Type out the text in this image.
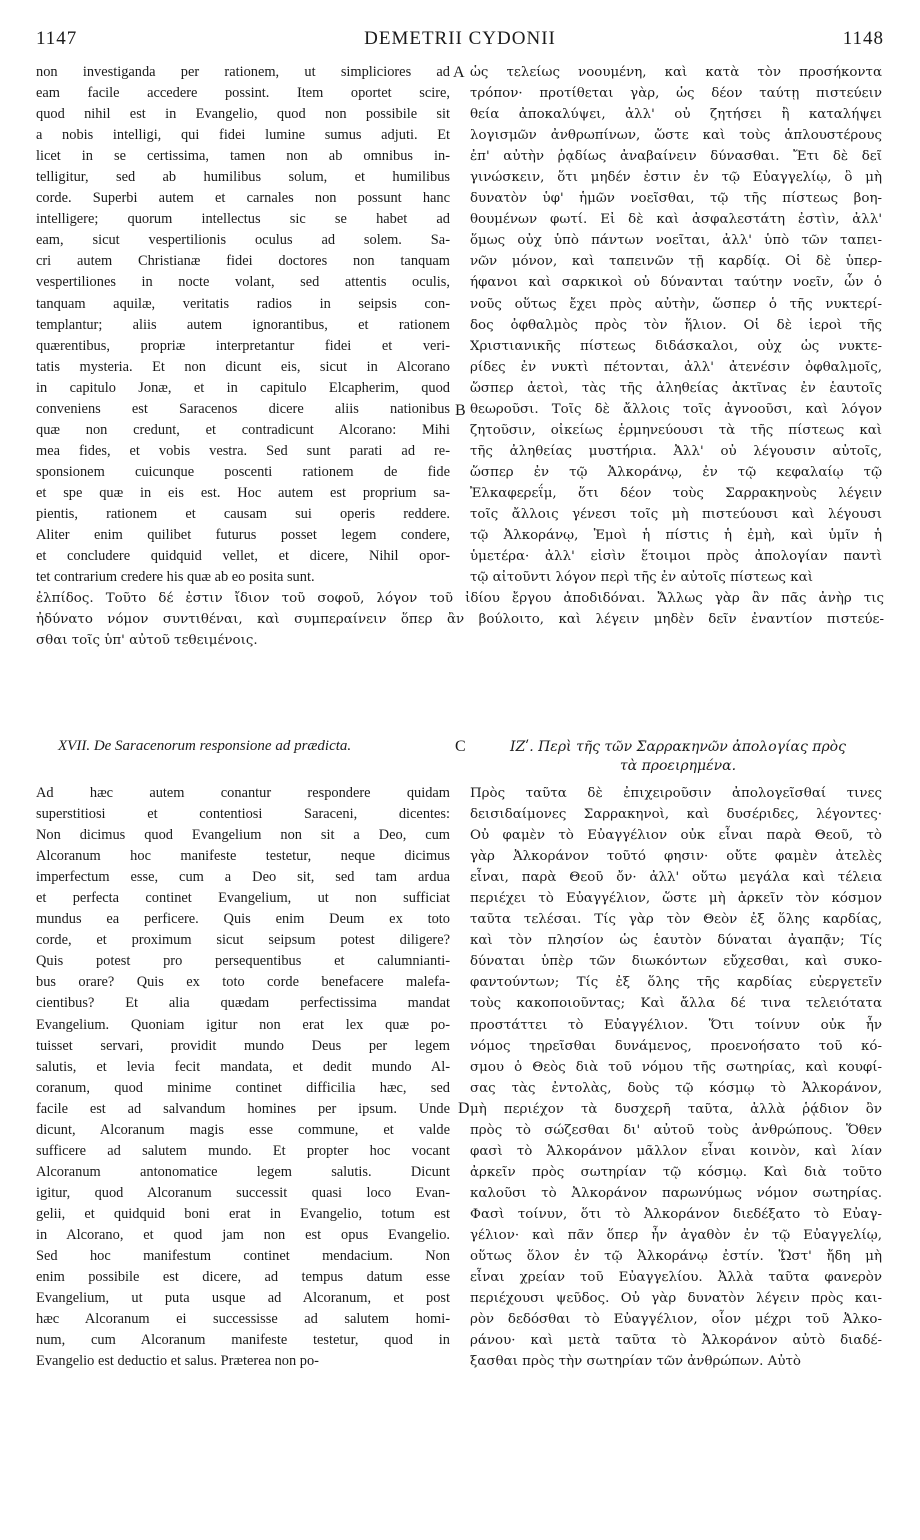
1147	DEMETRII CYDONII	1148
non investiganda per rationem, ut simpliciores ad
eam facile accedere possint. Item oportet scire,
quod nihil est in Evangelio, quod non possibile sit
a nobis intelligi, qui fidei lumine sumus adjuti. Et
licet in se certissima, tamen non ab omnibus in-
telligitur, sed ab humilibus solum, et humilibus
corde. Superbi autem et carnales non possunt hanc
intelligere; quorum intellectus sic se habet ad
eam, sicut vespertilionis oculus ad solem. Sa-
cri autem Christianæ fidei doctores non tanquam
vespertiliones in nocte volant, sed attentis oculis,
tanquam aquilæ, veritatis radios in seipsis con-
templantur; aliis autem ignorantibus, et rationem
quærentibus, propriæ interpretantur fidei et veri-
tatis mysteria. Et non dicunt eis, sicut in Alcorano
in capitulo Jonæ, et in capitulo Elcapherim, quod
conveniens est Saracenos dicere aliis nationibus
quæ non credunt, et contradicunt Alcorano: Mihi
mea fides, et vobis vestra. Sed sunt parati ad re-
sponsionem cuicunque poscenti rationem de fide
et spe quæ in eis est. Hoc autem est proprium sa-
pientis, rationem et causam sui operis reddere.
Aliter enim quilibet futurus posset legem condere,
et concludere quidquid vellet, et dicere, Nihil opor-
tet contrarium credere his quæ ab eo posita sunt.
ὡς τελείως νοουμένη, καὶ κατὰ τὸν προσήκοντα
τρόπον· προτίθεται γὰρ, ὡς δέον ταύτῃ πιστεύειν
θεία ἀποκαλύψει, ἀλλ' οὐ ζητήσει ἢ καταλήψει
λογισμῶν ἀνθρωπίνων, ὥστε καὶ τοὺς ἁπλουστέρους
ἐπ' αὐτὴν ῥᾳδίως ἀναβαίνειν δύνασθαι. Ἔτι δὲ δεῖ
γινώσκειν, ὅτι μηδέν ἐστιν ἐν τῷ Εὐαγγελίῳ, ὃ μὴ
δυνατὸν ὑφ' ἡμῶν νοεῖσθαι, τῷ τῆς πίστεως βοη-
θουμένων φωτί. Εἰ δὲ καὶ ἀσφαλεστάτη ἐστὶν, ἀλλ'
ὅμως οὐχ ὑπὸ πάντων νοεῖται, ἀλλ' ὑπὸ τῶν ταπει-
νῶν μόνον, καὶ ταπεινῶν τῇ καρδίᾳ. Οἱ δὲ ὑπερ-
ήφανοι καὶ σαρκικοὶ οὐ δύνανται ταύτην νοεῖν, ὧν ὁ
νοῦς οὕτως ἔχει πρὸς αὐτὴν, ὥσπερ ὁ τῆς νυκτερί-
δος ὀφθαλμὸς πρὸς τὸν ἥλιον. Οἱ δὲ ἱεροὶ τῆς
Χριστιανικῆς πίστεως διδάσκαλοι, οὐχ ὡς νυκτε-
ρίδες ἐν νυκτὶ πέτονται, ἀλλ' ἀτενέσιν ὀφθαλμοῖς,
ὥσπερ ἀετοὶ, τὰς τῆς ἀληθείας ἀκτῖνας ἐν ἑαυτοῖς
θεωροῦσι. Τοῖς δὲ ἄλλοις τοῖς ἀγνοοῦσι, καὶ λόγον
ζητοῦσιν, οἰκείως ἑρμηνεύουσι τὰ τῆς πίστεως καὶ
τῆς ἀληθείας μυστήρια. Ἀλλ' οὐ λέγουσιν αὐτοῖς,
ὥσπερ ἐν τῷ Ἀλκοράνῳ, ἐν τῷ κεφαλαίῳ τῷ
Ἐλκαφερεΐμ, ὅτι δέον τοὺς Σαρρακηνοὺς λέγειν
τοῖς ἄλλοις γένεσι τοῖς μὴ πιστεύουσι καὶ λέγουσι
τῷ Ἀλκοράνῳ, Ἐμοὶ ἡ πίστις ἡ ἐμὴ, καὶ ὑμῖν ἡ
ὑμετέρα· ἀλλ' εἰσὶν ἕτοιμοι πρὸς ἀπολογίαν παντὶ
τῷ αἰτοῦντι λόγον περὶ τῆς ἐν αὐτοῖς πίστεως καὶ
A
B
C
D
ἐλπίδος. Τοῦτο δέ ἐστιν ἴδιον τοῦ σοφοῦ, λόγον τοῦ ἰδίου ἔργου ἀποδιδόναι. Ἄλλως γὰρ ἂν πᾶς ἀνὴρ τις
ἠδύνατο νόμον συντιθέναι, καὶ συμπεραίνειν ὅπερ ἂν βούλοιτο, καὶ λέγειν μηδὲν δεῖν ἐναντίον πιστεύε-
σθαι τοῖς ὑπ' αὐτοῦ τεθειμένοις.
XVII. De Saracenorum responsione ad prædicta.	ΙΖʹ. Περὶ τῆς τῶν Σαρρακηνῶν ἀπολογίας πρὸς
τὰ προειρημένα.
Ad hæc autem conantur respondere quidam
superstitiosi et contentiosi Saraceni, dicentes:
Non dicimus quod Evangelium non sit a Deo, cum
Alcoranum hoc manifeste testetur, neque dicimus
imperfectum esse, cum a Deo sit, sed tam ardua
et perfecta continet Evangelium, ut non sufficiat
mundus ea perficere. Quis enim Deum ex toto
corde, et proximum sicut seipsum potest diligere?
Quis potest pro persequentibus et calumnianti-
bus orare? Quis ex toto corde benefacere malefa-
cientibus? Et alia quædam perfectissima mandat
Evangelium. Quoniam igitur non erat lex quæ po-
tuisset servari, providit mundo Deus per legem
salutis, et levia fecit mandata, et dedit mundo Al-
coranum, quod minime continet difficilia hæc, sed
facile est ad salvandum homines per ipsum. Unde
dicunt, Alcoranum magis esse commune, et valde
sufficere ad salutem mundo. Et propter hoc vocant
Alcoranum antonomatice legem salutis. Dicunt
igitur, quod Alcoranum successit quasi loco Evan-
gelii, et quidquid boni erat in Evangelio, totum est
in Alcorano, et quod jam non est opus Evangelio.
Sed hoc manifestum continet mendacium. Non
enim possibile est dicere, ad tempus datum esse
Evangelium, ut puta usque ad Alcoranum, et post
hæc Alcoranum ei successisse ad salutem homi-
num, cum Alcoranum manifeste testetur, quod in
Evangelio est deductio et salus. Præterea non po-
Πρὸς ταῦτα δὲ ἐπιχειροῦσιν ἀπολογεῖσθαί τινες
δεισιδαίμονες Σαρρακηνοὶ, καὶ δυσέριδες, λέγοντες·
Οὐ φαμὲν τὸ Εὐαγγέλιον οὐκ εἶναι παρὰ Θεοῦ, τὸ
γὰρ Ἀλκοράνον τοῦτό φησιν· οὔτε φαμὲν ἀτελὲς
εἶναι, παρὰ Θεοῦ ὄν· ἀλλ' οὕτω μεγάλα καὶ τέλεια
περιέχει τὸ Εὐαγγέλιον, ὥστε μὴ ἀρκεῖν τὸν κόσμον
ταῦτα τελέσαι. Τίς γὰρ τὸν Θεὸν ἐξ ὅλης καρδίας,
καὶ τὸν πλησίον ὡς ἑαυτὸν δύναται ἀγαπᾷν; Τίς
δύναται ὑπὲρ τῶν διωκόντων εὔχεσθαι, καὶ συκο-
φαντούντων; Τίς ἐξ ὅλης τῆς καρδίας εὐεργετεῖν
τοὺς κακοποιοῦντας; Καὶ ἄλλα δέ τινα τελειότατα
προστάττει τὸ Εὐαγγέλιον. Ὅτι τοίνυν οὐκ ἦν
νόμος τηρεῖσθαι δυνάμενος, προενοήσατο τοῦ κό-
σμου ὁ Θεὸς διὰ τοῦ νόμου τῆς σωτηρίας, καὶ κουφί-
σας τὰς ἐντολὰς, δοὺς τῷ κόσμῳ τὸ Ἀλκοράνον,
μὴ περιέχον τὰ δυσχερῆ ταῦτα, ἀλλὰ ῥᾴδιον ὂν
πρὸς τὸ σώζεσθαι δι' αὐτοῦ τοὺς ἀνθρώπους. Ὅθεν
φασὶ τὸ Ἀλκοράνον μᾶλλον εἶναι κοινὸν, καὶ λίαν
ἀρκεῖν πρὸς σωτηρίαν τῷ κόσμῳ. Καὶ διὰ τοῦτο
καλοῦσι τὸ Ἀλκοράνον παρωνύμως νόμον σωτηρίας.
Φασὶ τοίνυν, ὅτι τὸ Ἀλκοράνον διεδέξατο τὸ Εὐαγ-
γέλιον· καὶ πᾶν ὅπερ ἦν ἀγαθὸν ἐν τῷ Εὐαγγελίῳ,
οὕτως ὅλον ἐν τῷ Ἀλκοράνῳ ἐστίν. Ὥστ' ἤδη μὴ
εἶναι χρείαν τοῦ Εὐαγγελίου. Ἀλλὰ ταῦτα φανερὸν
περιέχουσι ψεῦδος. Οὐ γὰρ δυνατὸν λέγειν πρὸς και-
ρὸν δεδόσθαι τὸ Εὐαγγέλιον, οἷον μέχρι τοῦ Ἀλκο-
ράνου· καὶ μετὰ ταῦτα τὸ Ἀλκοράνον αὐτὸ διαδέ-
ξασθαι πρὸς τὴν σωτηρίαν τῶν ἀνθρώπων. Αὐτὸ
